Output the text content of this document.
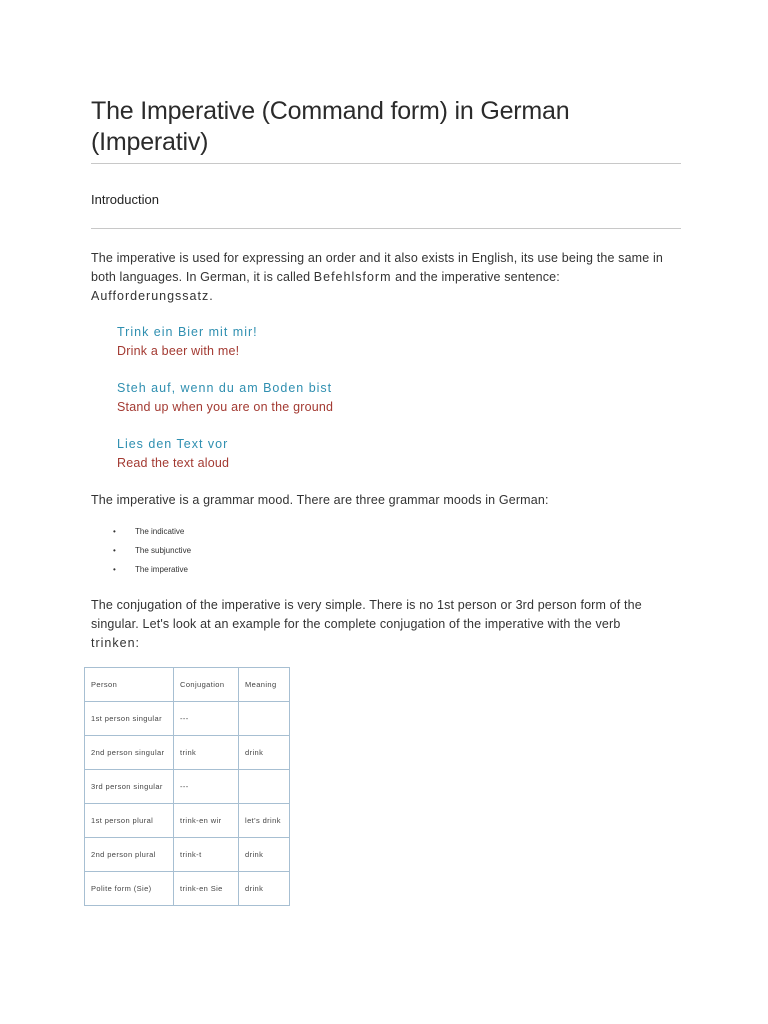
The Imperative (Command form) in German (Imperativ)
Introduction

The imperative is used for expressing an order and it also exists in English, its use being the same in both languages. In German, it is called Befehlsform and the imperative sentence: Aufforderungssatz.

Trink ein Bier mit mir!
Drink a beer with me!
Steh auf, wenn du am Boden bist
Stand up when you are on the ground
Lies den Text vor
Read the text aloud

The imperative is a grammar mood. There are three grammar moods in German:

• The indicative
• The subjunctive
• The imperative

The conjugation of the imperative is very simple. There is no 1st person or 3rd person form of the singular. Let's look at an example for the complete conjugation of the imperative with the verb trinken:

Person	Conjugation	Meaning
1st person singular	---	
2nd person singular	trink	drink
3rd person singular	---	
1st person plural	trink-en wir	let's drink
2nd person plural	trink-t	drink
Polite form (Sie)	trink-en Sie	drink
